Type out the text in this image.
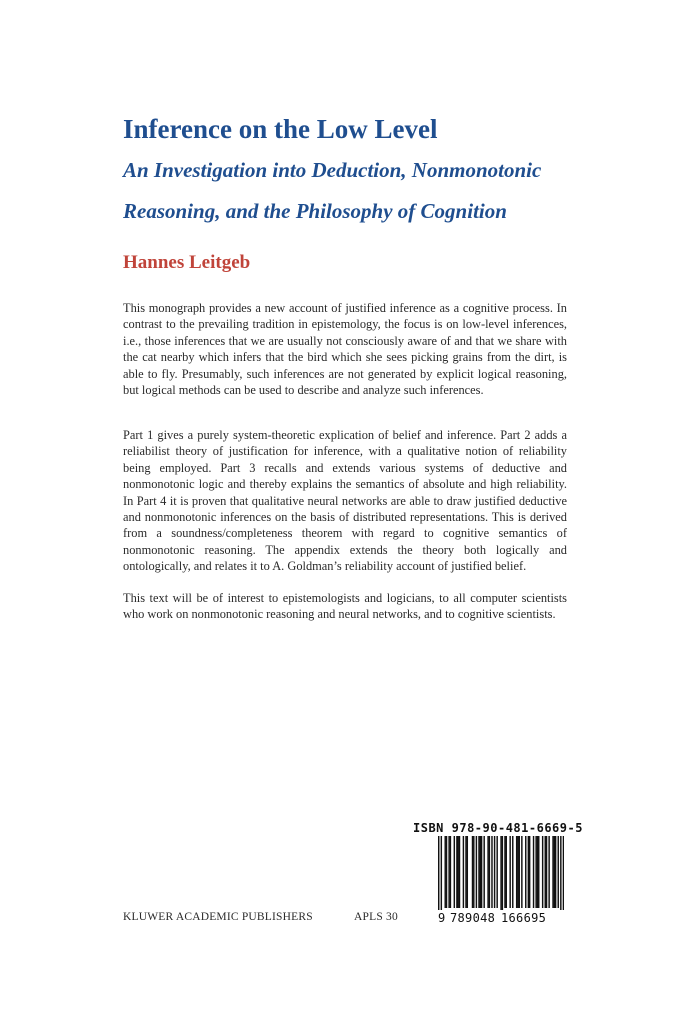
Inference on the Low Level
An Investigation into Deduction, Nonmonotonic
Reasoning, and the Philosophy of Cognition
Hannes Leitgeb

This monograph provides a new account of justified inference as a cognitive process. In contrast to the prevailing tradition in epistemology, the focus is on low-level inferences, i.e., those inferences that we are usually not consciously aware of and that we share with the cat nearby which infers that the bird which she sees picking grains from the dirt, is able to fly. Presumably, such inferences are not generated by explicit logical reasoning, but logical methods can be used to describe and analyze such inferences.

Part 1 gives a purely system-theoretic explication of belief and inference. Part 2 adds a reliabilist theory of justification for inference, with a qualitative notion of reliability being employed. Part 3 recalls and extends various systems of deductive and nonmonotonic logic and thereby explains the semantics of absolute and high reliability. In Part 4 it is proven that qualitative neural networks are able to draw justified deductive and nonmonotonic inferences on the basis of distributed representations. This is derived from a soundness/completeness theorem with regard to cognitive semantics of nonmonotonic reasoning. The appendix extends the theory both logically and ontologically, and relates it to A. Goldman’s reliability account of justified belief.

This text will be of interest to epistemologists and logicians, to all computer scientists who work on nonmonotonic reasoning and neural networks, and to cognitive scientists.

ISBN 978-90-481-6669-5
9 789048 166695

KLUWER ACADEMIC PUBLISHERS	APLS 30
